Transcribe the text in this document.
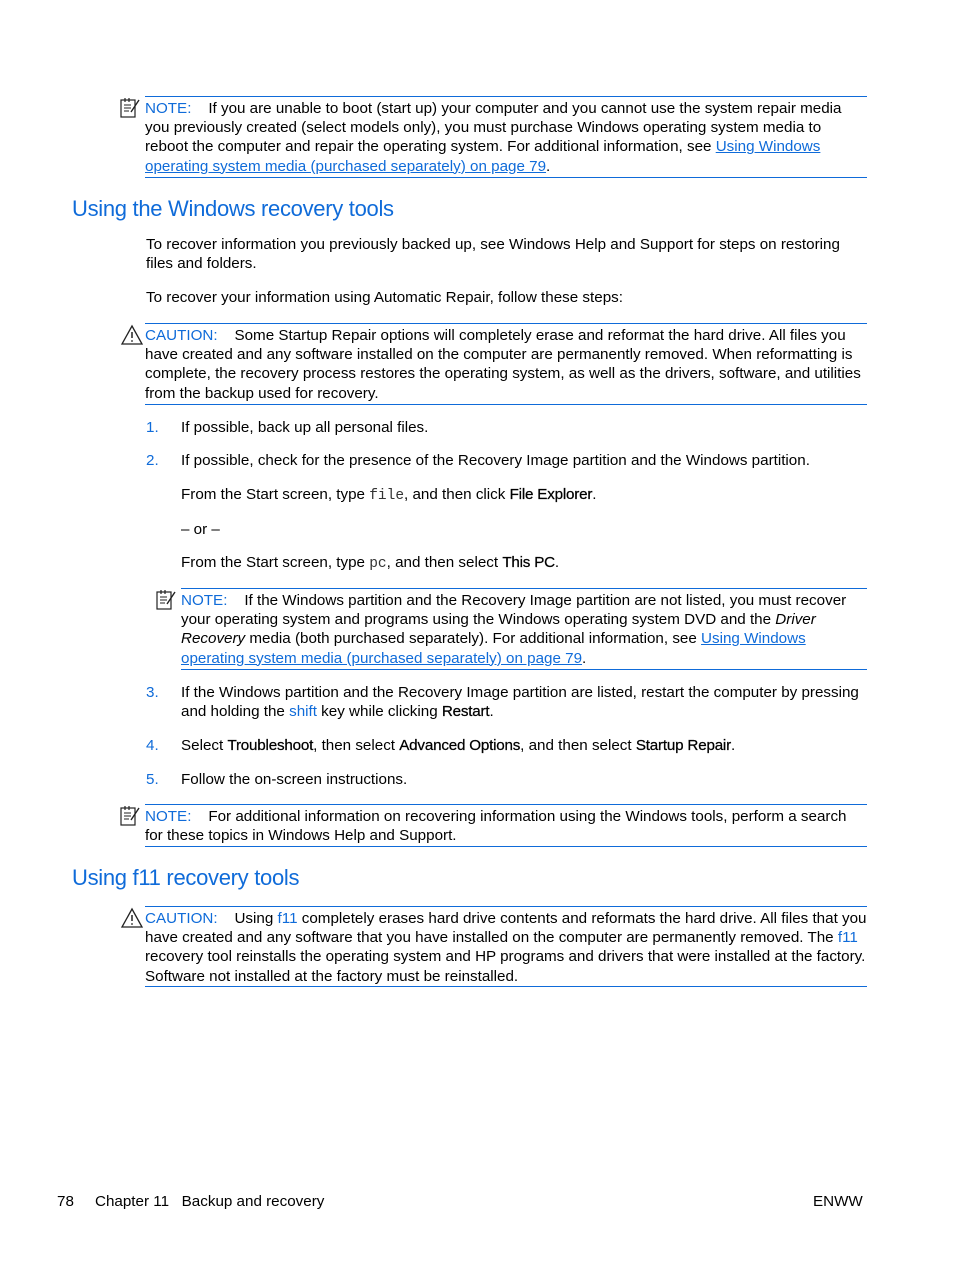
NOTE: If you are unable to boot (start up) your computer and you cannot use the system repair media you previously created (select models only), you must purchase Windows operating system media to reboot the computer and repair the operating system. For additional information, see Using Windows operating system media (purchased separately) on page 79.

Using the Windows recovery tools

To recover information you previously backed up, see Windows Help and Support for steps on restoring files and folders.

To recover your information using Automatic Repair, follow these steps:

CAUTION: Some Startup Repair options will completely erase and reformat the hard drive. All files you have created and any software installed on the computer are permanently removed. When reformatting is complete, the recovery process restores the operating system, as well as the drivers, software, and utilities from the backup used for recovery.

1. If possible, back up all personal files.

2. If possible, check for the presence of the Recovery Image partition and the Windows partition.

From the Start screen, type file, and then click File Explorer.

– or –

From the Start screen, type pc, and then select This PC.

NOTE: If the Windows partition and the Recovery Image partition are not listed, you must recover your operating system and programs using the Windows operating system DVD and the Driver Recovery media (both purchased separately). For additional information, see Using Windows operating system media (purchased separately) on page 79.

3. If the Windows partition and the Recovery Image partition are listed, restart the computer by pressing and holding the shift key while clicking Restart.

4. Select Troubleshoot, then select Advanced Options, and then select Startup Repair.

5. Follow the on-screen instructions.

NOTE: For additional information on recovering information using the Windows tools, perform a search for these topics in Windows Help and Support.

Using f11 recovery tools

CAUTION: Using f11 completely erases hard drive contents and reformats the hard drive. All files that you have created and any software that you have installed on the computer are permanently removed. The f11 recovery tool reinstalls the operating system and HP programs and drivers that were installed at the factory. Software not installed at the factory must be reinstalled.

78 Chapter 11   Backup and recovery	ENWW
